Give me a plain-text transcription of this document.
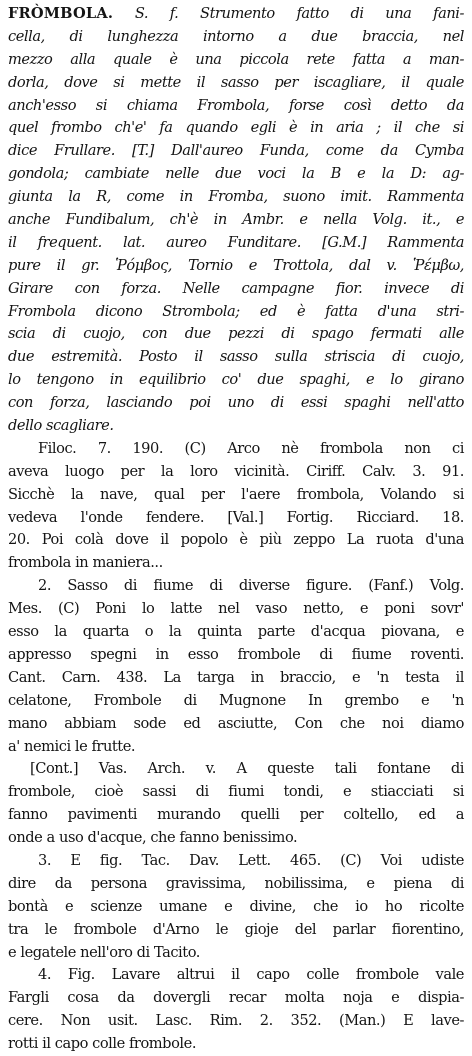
FRÒMBOLA. S. f. Strumento fatto di una fani-
cella, di lunghezza intorno a due braccia, nel
mezzo alla quale è una piccola rete fatta a man-
dorla, dove si mette il sasso per iscagliare, il quale
anch'esso si chiama Frombola, forse così detto da
quel frombo ch'e' fa quando egli è in aria ; il che si
dice Frullare. [T.] Dall'aureo Funda, come da Cymba
gondola; cambiate nelle due voci la B e la D: ag-
giunta la R, come in Fromba, suono imit. Rammenta
anche Fundibalum, ch'è in Ambr. e nella Volg. it., e
il frequent. lat. aureo Funditare. [G.M.] Rammenta
pure il gr. Ῥόμβος, Tornio e Trottola, dal v. Ῥέμβω,
Girare con forza. Nelle campagne fior. invece di
Frombola dicono Strombola; ed è fatta d'una stri-
scia di cuojo, con due pezzi di spago fermati alle
due estremità. Posto il sasso sulla striscia di cuojo,
lo tengono in equilibrio co' due spaghi, e lo girano
con forza, lasciando poi uno di essi spaghi nell'atto
dello scagliare.
Filoc. 7. 190. (C) Arco nè frombola non ci
aveva luogo per la loro vicinità. Ciriff. Calv. 3. 91.
Sicchè la nave, qual per l'aere frombola, Volando si
vedeva l'onde fendere. [Val.] Fortig. Ricciard. 18.
20. Poi colà dove il popolo è più zeppo La ruota d'una
frombola in maniera...
2. Sasso di fiume di diverse figure. (Fanf.) Volg.
Mes. (C) Poni lo latte nel vaso netto, e poni sovr'
esso la quarta o la quinta parte d'acqua piovana, e
appresso spegni in esso frombole di fiume roventi.
Cant. Carn. 438. La targa in braccio, e 'n testa il
celatone, Frombole di Mugnone In grembo e 'n
mano abbiam sode ed asciutte, Con che noi diamo
a' nemici le frutte.
[Cont.] Vas. Arch. v. A queste tali fontane di
frombole, cioè sassi di fiumi tondi, e stiacciati si
fanno pavimenti murando quelli per coltello, ed a
onde a uso d'acque, che fanno benissimo.
3. E fig. Tac. Dav. Lett. 465. (C) Voi udiste
dire da persona gravissima, nobilissima, e piena di
bontà e scienze umane e divine, che io ho ricolte
tra le frombole d'Arno le gioje del parlar fiorentino,
e legatele nell'oro di Tacito.
4. Fig. Lavare altrui il capo colle frombole vale
Fargli cosa da dovergli recar molta noja e dispia-
cere. Non usit. Lasc. Rim. 2. 352. (Man.) E lave-
rotti il capo colle frombole.
